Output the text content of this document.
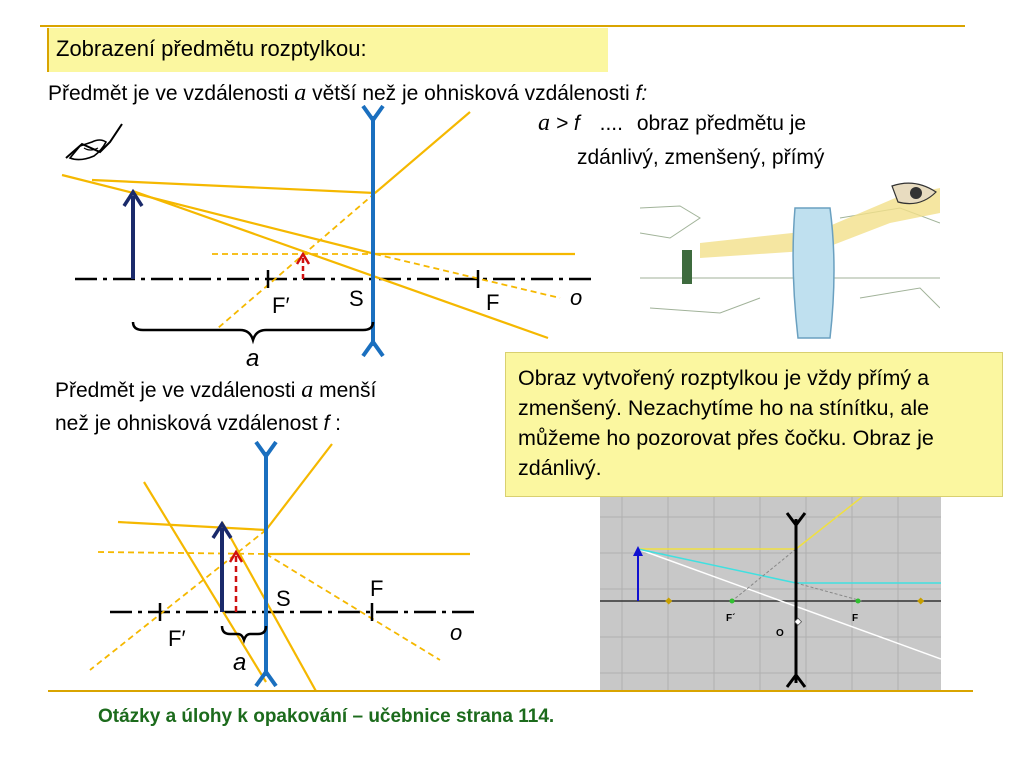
Zobrazení předmětu rozptylkou:
Předmět je ve vzdálenosti a větší než je ohnisková vzdálenosti f:
a > f .... obraz předmětu je
zdánlivý, zmenšený, přímý
F′	S	F	o
a
Předmět je ve vzdálenosti a menší
než je ohnisková vzdálenost f :
Obraz vytvořený rozptylkou je vždy přímý a zmenšený. Nezachytíme ho na stínítku, ale můžeme ho pozorovat přes čočku. Obraz je zdánlivý.
F′
S	F
o
a
F´
O
F
Otázky a úlohy k opakování – učebnice strana 114.
